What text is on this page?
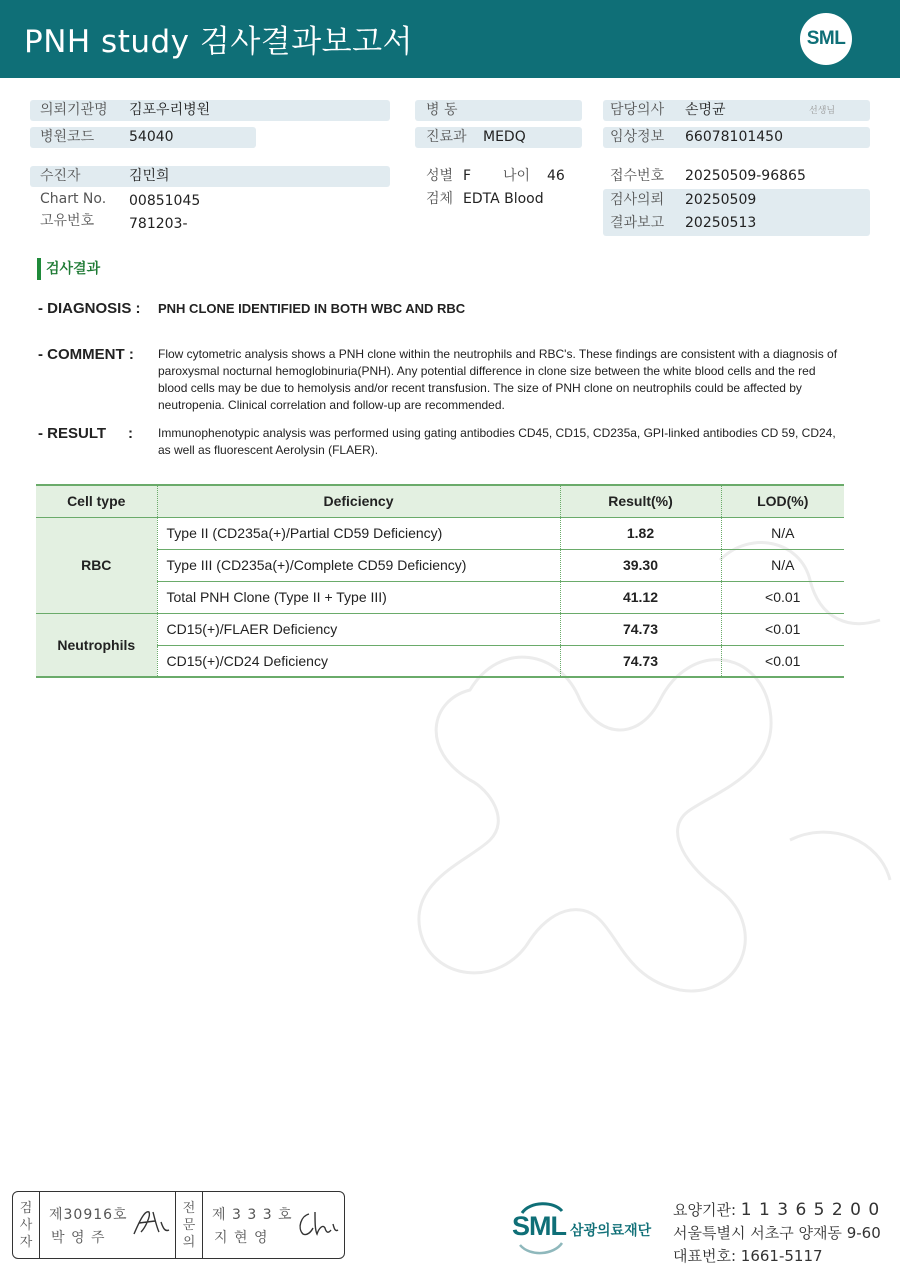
PNH study 검사결과보고서	SML
의뢰기관명 김포우리병원
병원코드 54040
수진자	김민희
Chart No. 00851045
고유번호 781203-
병 동
진료과 MEDQ
성별 F 나이 46
검체 EDTA Blood
담당의사 손명균	선생님
임상정보 66078101450
접수번호 20250509-96865
검사의뢰 20250509
결과보고 20250513
검사결과
- DIAGNOSIS : PNH CLONE IDENTIFIED IN BOTH WBC AND RBC
- COMMENT : Flow cytometric analysis shows a PNH clone within the neutrophils and RBC's. These findings are consistent with a diagnosis of paroxysmal nocturnal hemoglobinuria(PNH). Any potential difference in clone size between the white blood cells and the red blood cells may be due to hemolysis and/or recent transfusion. The size of PNH clone on neutrophils could be affected by neutropenia. Clinical correlation and follow-up are recommended.
- RESULT : Immunophenotypic analysis was performed using gating antibodies CD45, CD15, CD235a, GPI-linked antibodies CD 59, CD24, as well as fluorescent Aerolysin (FLAER).
Cell type	Deficiency	Result(%)	LOD(%)
RBC	Type II (CD235a(+)/Partial CD59 Deficiency)	1.82	N/A
	Type III (CD235a(+)/Complete CD59 Deficiency)	39.30	N/A
	Total PNH Clone (Type II + Type III)	41.12	<0.01
Neutrophils	CD15(+)/FLAER Deficiency	74.73	<0.01
	CD15(+)/CD24 Deficiency	74.73	<0.01
검
사
자
제30916호
박 영 주
전
문
의
제 3 3 3 호
지 현 영	SML 삼광의료재단
요양기관: 1 1 3 6 5 2 0 0
서울특별시 서초구 양재동 9-60
대표번호: 1661-5117
